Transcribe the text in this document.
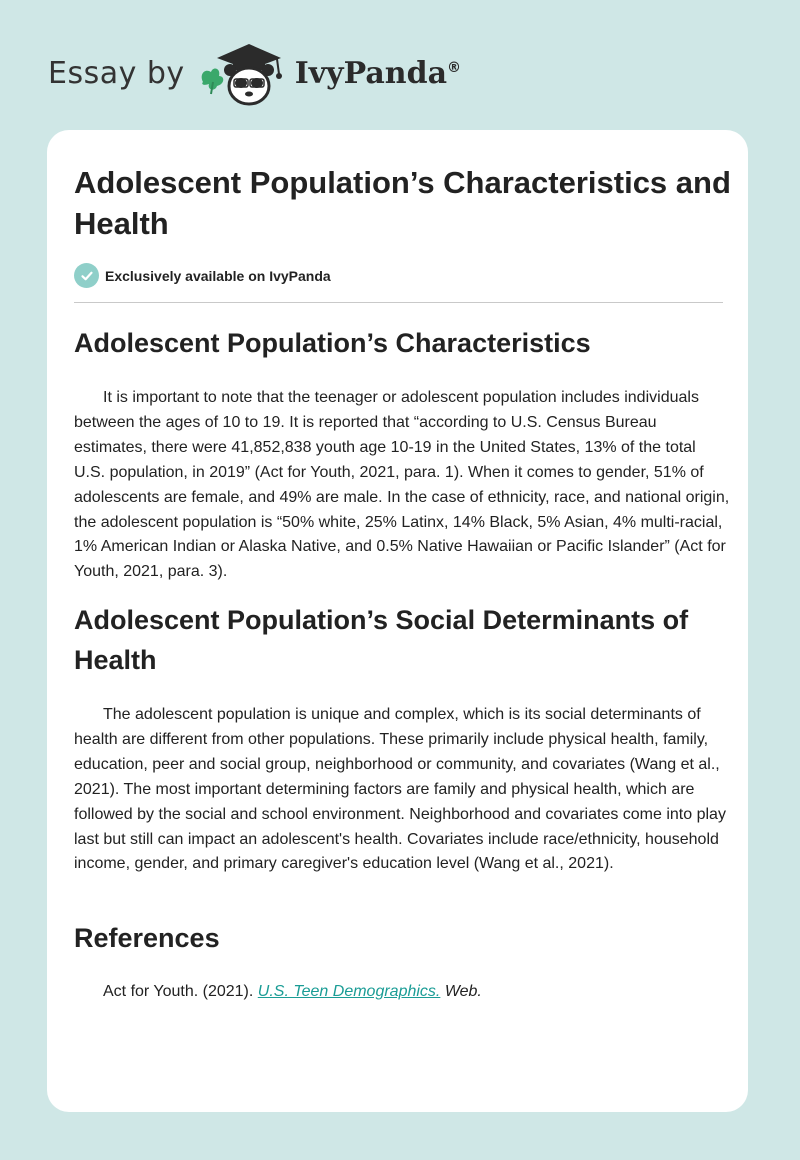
Essay by	IvyPanda®
Adolescent Population’s Characteristics and Health
Exclusively available on IvyPanda
Adolescent Population’s Characteristics

It is important to note that the teenager or adolescent population includes individuals between the ages of 10 to 19. It is reported that “according to U.S. Census Bureau estimates, there were 41,852,838 youth age 10-19 in the United States, 13% of the total U.S. population, in 2019” (Act for Youth, 2021, para. 1). When it comes to gender, 51% of adolescents are female, and 49% are male. In the case of ethnicity, race, and national origin, the adolescent population is “50% white, 25% Latinx, 14% Black, 5% Asian, 4% multi-racial, 1% American Indian or Alaska Native, and 0.5% Native Hawaiian or Pacific Islander” (Act for Youth, 2021, para. 3).

Adolescent Population’s Social Determinants of Health

The adolescent population is unique and complex, which is its social determinants of health are different from other populations. These primarily include physical health, family, education, peer and social group, neighborhood or community, and covariates (Wang et al., 2021). The most important determining factors are family and physical health, which are followed by the social and school environment. Neighborhood and covariates come into play last but still can impact an adolescent's health. Covariates include race/ethnicity, household income, gender, and primary caregiver's education level (Wang et al., 2021).

References

Act for Youth. (2021). U.S. Teen Demographics. Web.
